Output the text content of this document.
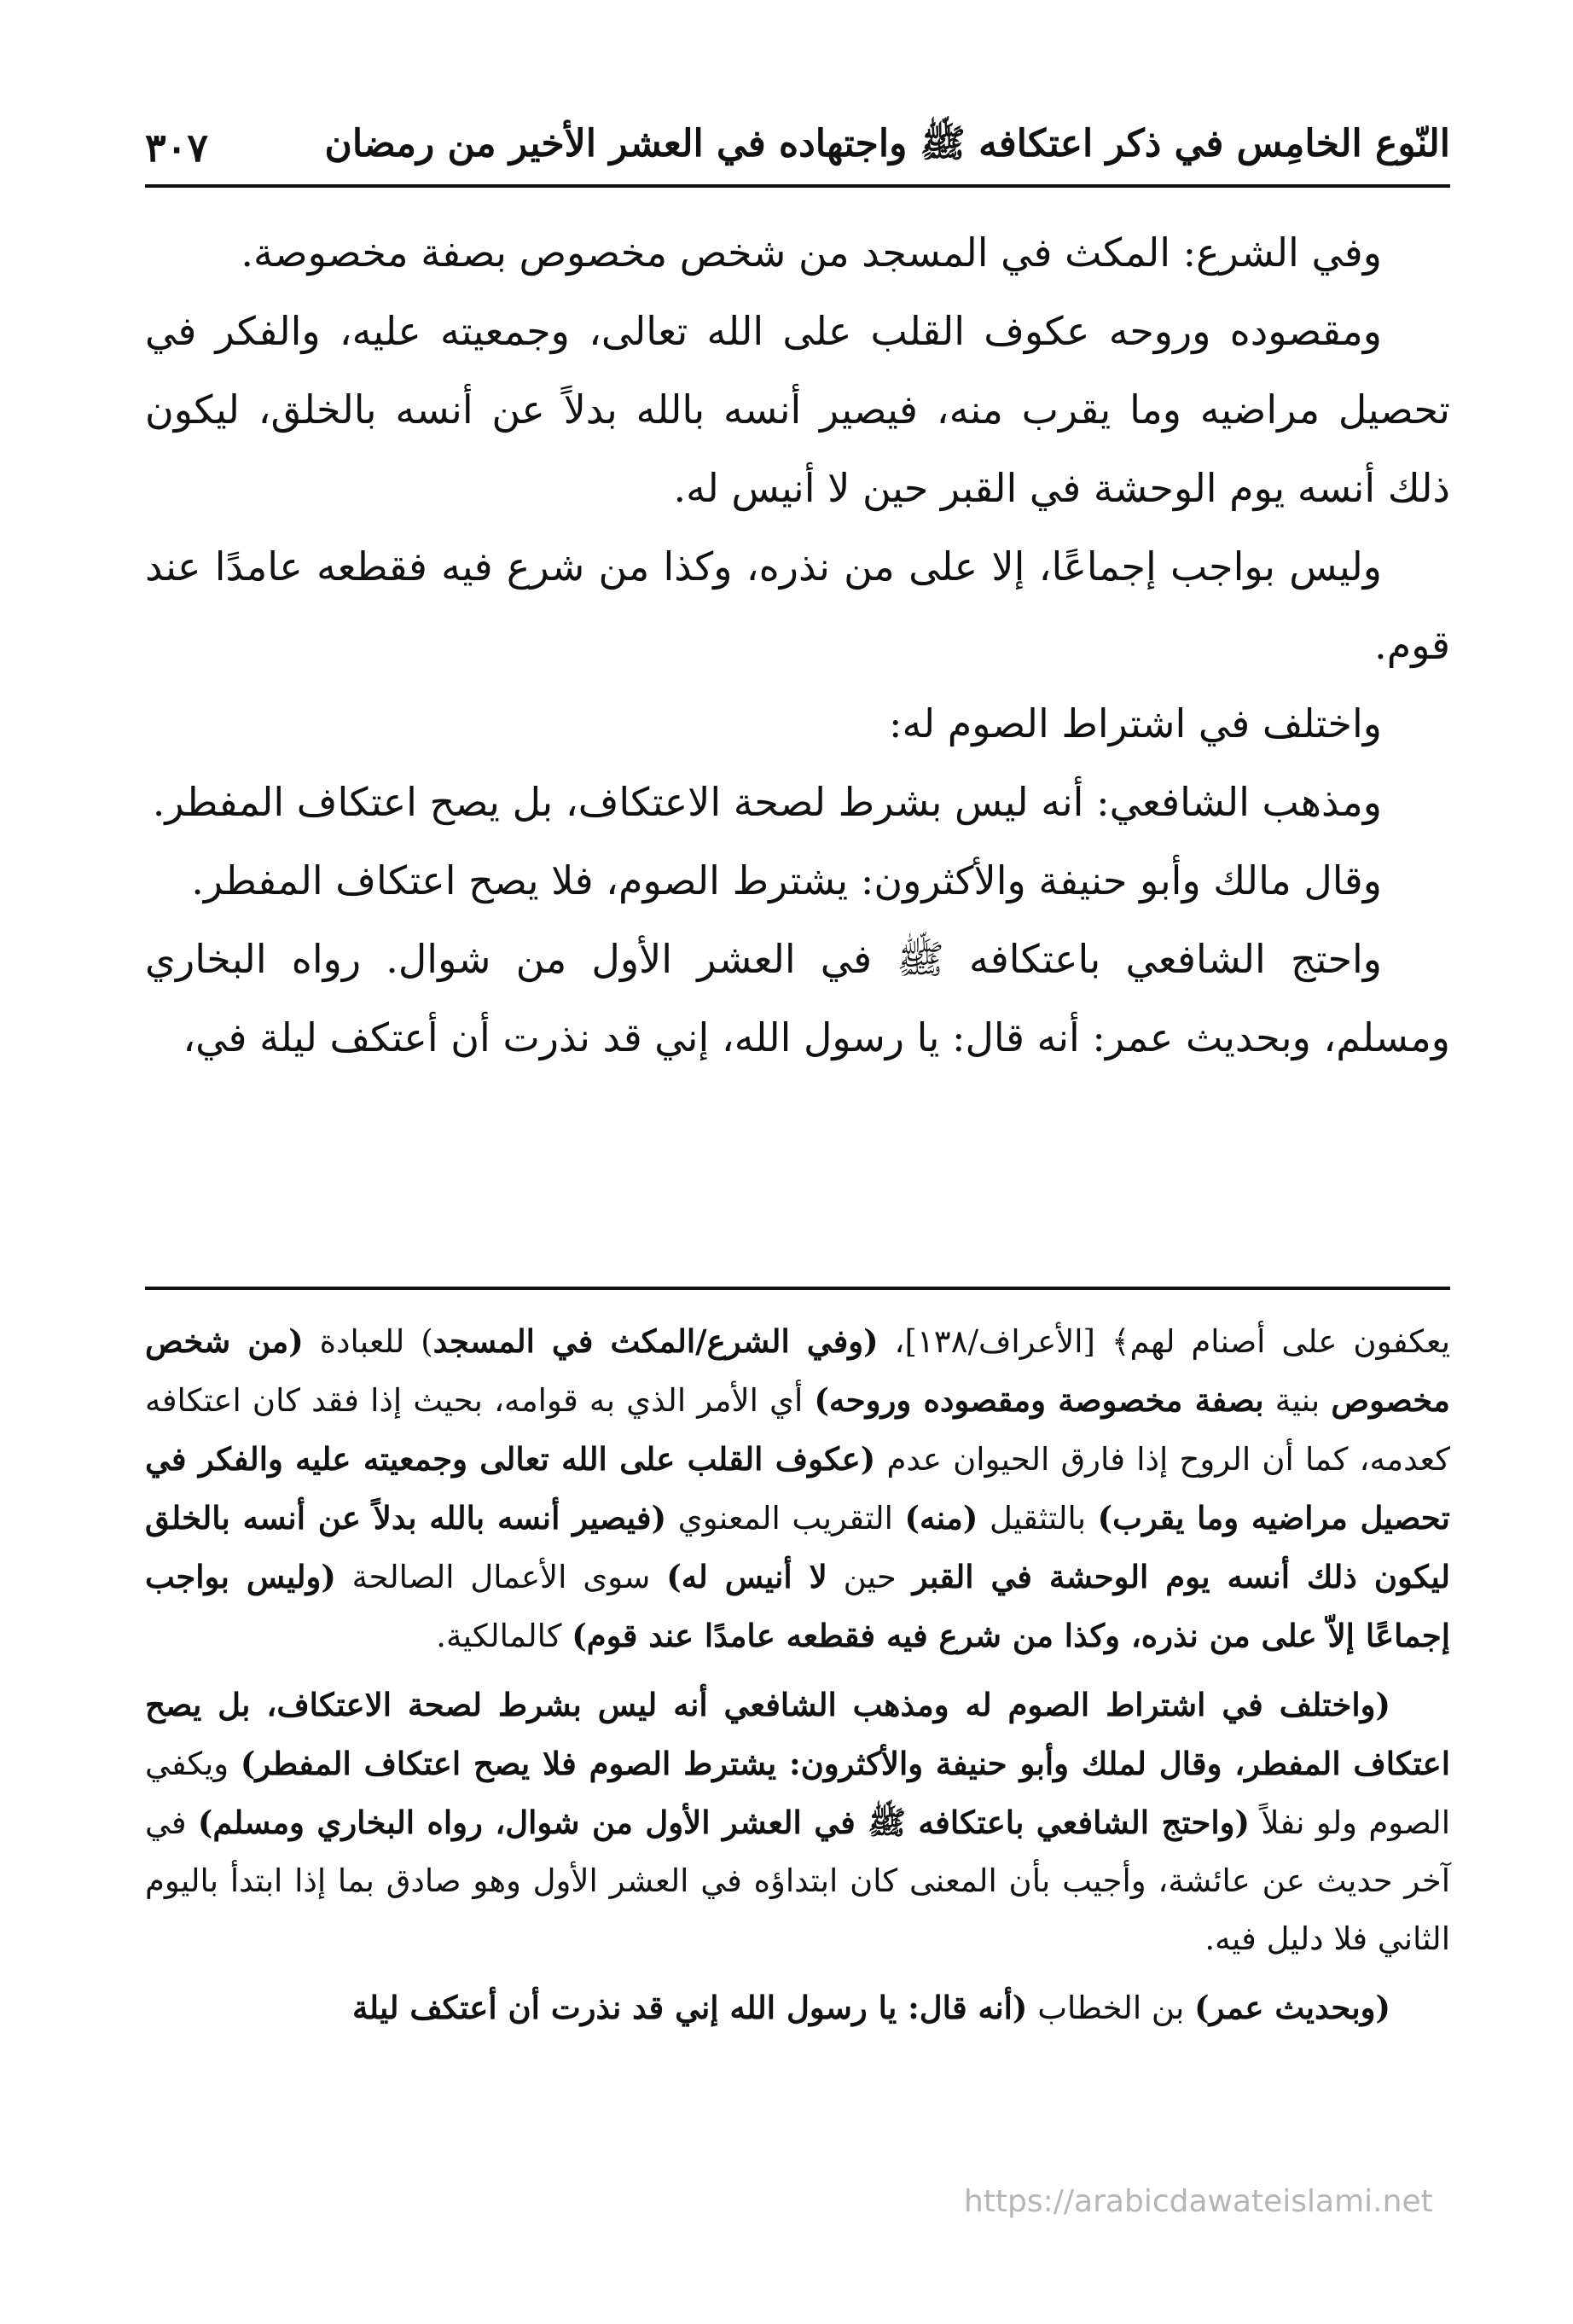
النّوع الخامِس في ذكر اعتكافه ﷺ واجتهاده في العشر الأخير من رمضان
٣٠٧

وفي الشرع: المكث في المسجد من شخص مخصوص بصفة مخصوصة.

ومقصوده وروحه عكوف القلب على الله تعالى، وجمعيته عليه، والفكر في تحصيل مراضيه وما يقرب منه، فيصير أنسه بالله بدلاً عن أنسه بالخلق، ليكون ذلك أنسه يوم الوحشة في القبر حين لا أنيس له.

وليس بواجب إجماعًا، إلا على من نذره، وكذا من شرع فيه فقطعه عامدًا عند قوم.

واختلف في اشتراط الصوم له:

ومذهب الشافعي: أنه ليس بشرط لصحة الاعتكاف، بل يصح اعتكاف المفطر.

وقال مالك وأبو حنيفة والأكثرون: يشترط الصوم، فلا يصح اعتكاف المفطر.

واحتج الشافعي باعتكافه ﷺ في العشر الأول من شوال. رواه البخاري ومسلم، وبحديث عمر: أنه قال: يا رسول الله، إني قد نذرت أن أعتكف ليلة في،

يعكفون على أصنام لهم﴾ [الأعراف/١٣٨]، (وفي الشرع/المكث في المسجد) للعبادة (من شخص مخصوص بنية بصفة مخصوصة ومقصوده وروحه) أي الأمر الذي به قوامه، بحيث إذا فقد كان اعتكافه كعدمه، كما أن الروح إذا فارق الحيوان عدم (عكوف القلب على الله تعالى وجمعيته عليه والفكر في تحصيل مراضيه وما يقرب) بالتثقيل (منه) التقريب المعنوي (فيصير أنسه بالله بدلاً عن أنسه بالخلق ليكون ذلك أنسه يوم الوحشة في القبر حين لا أنيس له) سوى الأعمال الصالحة (وليس بواجب إجماعًا إلاّ على من نذره، وكذا من شرع فيه فقطعه عامدًا عند قوم) كالمالكية.

(واختلف في اشتراط الصوم له ومذهب الشافعي أنه ليس بشرط لصحة الاعتكاف، بل يصح اعتكاف المفطر، وقال لملك وأبو حنيفة والأكثرون: يشترط الصوم فلا يصح اعتكاف المفطر) ويكفي الصوم ولو نفلاً (واحتج الشافعي باعتكافه ﷺ في العشر الأول من شوال، رواه البخاري ومسلم) في آخر حديث عن عائشة، وأجيب بأن المعنى كان ابتداؤه في العشر الأول وهو صادق بما إذا ابتدأ باليوم الثاني فلا دليل فيه.

(وبحديث عمر) بن الخطاب (أنه قال: يا رسول الله إني قد نذرت أن أعتكف ليلة

https://arabicdawateislami.net
